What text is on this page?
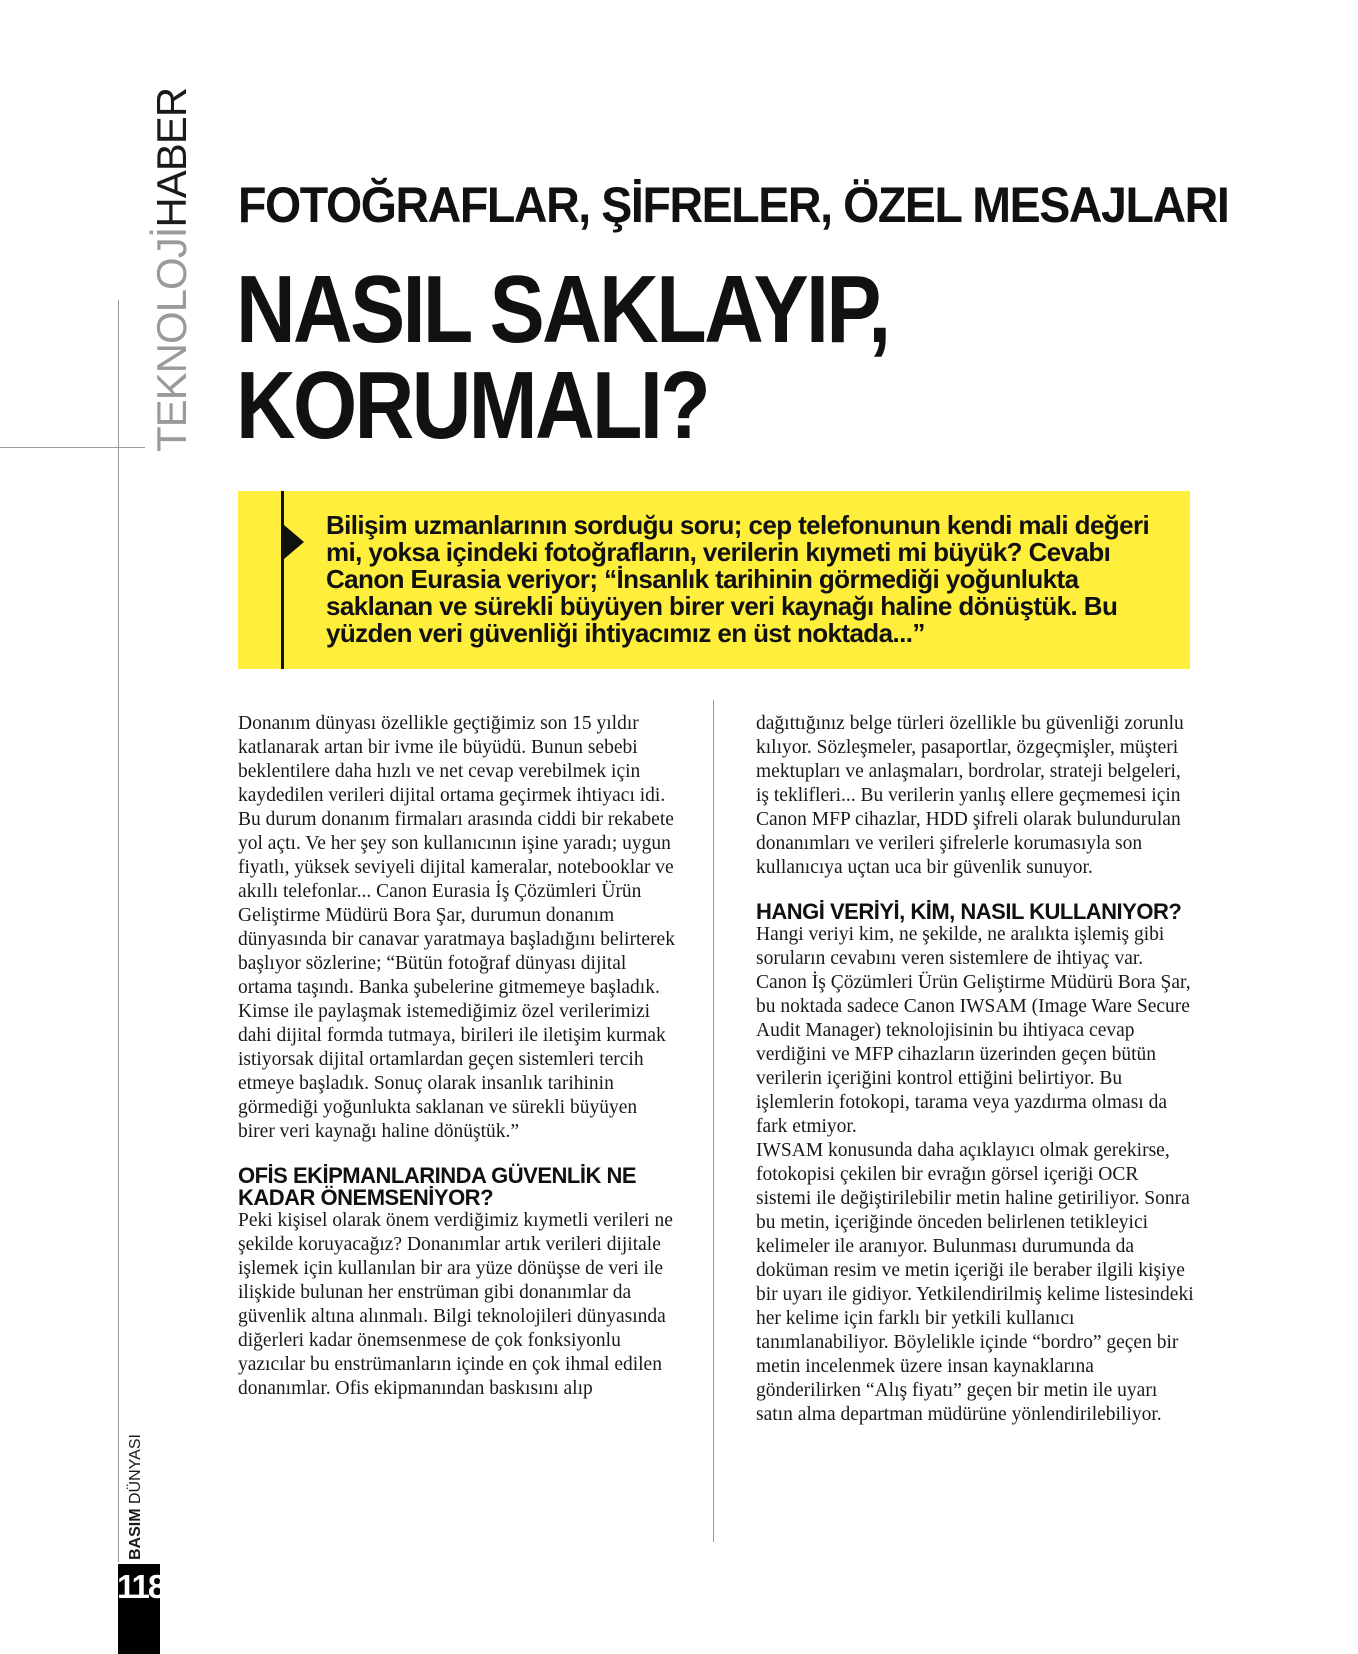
TEKNOLOJİHABER
BASIM DÜNYASI
118
FOTOĞRAFLAR, ŞİFRELER, ÖZEL MESAJLARI
NASIL SAKLAYIP, KORUMALI?

Bilişim uzmanlarının sorduğu soru; cep telefonunun kendi mali değeri mi, yoksa içindeki fotoğrafların, verilerin kıymeti mi büyük? Cevabı Canon Eurasia veriyor; “İnsanlık tarihinin görmediği yoğunlukta saklanan ve sürekli büyüyen birer veri kaynağı haline dönüştük. Bu yüzden veri güvenliği ihtiyacımız en üst noktada...”

Donanım dünyası özellikle geçtiğimiz son 15 yıldır katlanarak artan bir ivme ile büyüdü. Bunun sebebi beklentilere daha hızlı ve net cevap verebilmek için kaydedilen verileri dijital ortama geçirmek ihtiyacı idi. Bu durum donanım firmaları arasında ciddi bir rekabete yol açtı. Ve her şey son kullanıcının işine yaradı; uygun fiyatlı, yüksek seviyeli dijital kameralar, notebooklar ve akıllı telefonlar... Canon Eurasia İş Çözümleri Ürün Geliştirme Müdürü Bora Şar, durumun donanım dünyasında bir canavar yaratmaya başladığını belirterek başlıyor sözlerine; “Bütün fotoğraf dünyası dijital ortama taşındı. Banka şubelerine gitmemeye başladık. Kimse ile paylaşmak istemediğimiz özel verilerimizi dahi dijital formda tutmaya, birileri ile iletişim kurmak istiyorsak dijital ortamlardan geçen sistemleri tercih etmeye başladık. Sonuç olarak insanlık tarihinin görmediği yoğunlukta saklanan ve sürekli büyüyen birer veri kaynağı haline dönüştük.”

OFİS EKİPMANLARINDA GÜVENLİK NE KADAR ÖNEMSENİYOR?

Peki kişisel olarak önem verdiğimiz kıymetli verileri ne şekilde koruyacağız? Donanımlar artık verileri dijitale işlemek için kullanılan bir ara yüze dönüşse de veri ile ilişkide bulunan her enstrüman gibi donanımlar da güvenlik altına alınmalı. Bilgi teknolojileri dünyasında diğerleri kadar önemsenmese de çok fonksiyonlu yazıcılar bu enstrümanların içinde en çok ihmal edilen donanımlar. Ofis ekipmanından baskısını alıp

dağıttığınız belge türleri özellikle bu güvenliği zorunlu kılıyor. Sözleşmeler, pasaportlar, özgeçmişler, müşteri mektupları ve anlaşmaları, bordrolar, strateji belgeleri, iş teklifleri... Bu verilerin yanlış ellere geçmemesi için Canon MFP cihazlar, HDD şifreli olarak bulundurulan donanımları ve verileri şifrelerle korumasıyla son kullanıcıya uçtan uca bir güvenlik sunuyor.

HANGİ VERİYİ, KİM, NASIL KULLANIYOR?

Hangi veriyi kim, ne şekilde, ne aralıkta işlemiş gibi soruların cevabını veren sistemlere de ihtiyaç var. Canon İş Çözümleri Ürün Geliştirme Müdürü Bora Şar, bu noktada sadece Canon IWSAM (Image Ware Secure Audit Manager) teknolojisinin bu ihtiyaca cevap verdiğini ve MFP cihazların üzerinden geçen bütün verilerin içeriğini kontrol ettiğini belirtiyor. Bu işlemlerin fotokopi, tarama veya yazdırma olması da fark etmiyor.

IWSAM konusunda daha açıklayıcı olmak gerekirse, fotokopisi çekilen bir evrağın görsel içeriği OCR sistemi ile değiştirilebilir metin haline getiriliyor. Sonra bu metin, içeriğinde önceden belirlenen tetikleyici kelimeler ile aranıyor. Bulunması durumunda da doküman resim ve metin içeriği ile beraber ilgili kişiye bir uyarı ile gidiyor. Yetkilendirilmiş kelime listesindeki her kelime için farklı bir yetkili kullanıcı tanımlanabiliyor. Böylelikle içinde “bordro” geçen bir metin incelenmek üzere insan kaynaklarına gönderilirken “Alış fiyatı” geçen bir metin ile uyarı satın alma departman müdürüne yönlendirilebiliyor.
